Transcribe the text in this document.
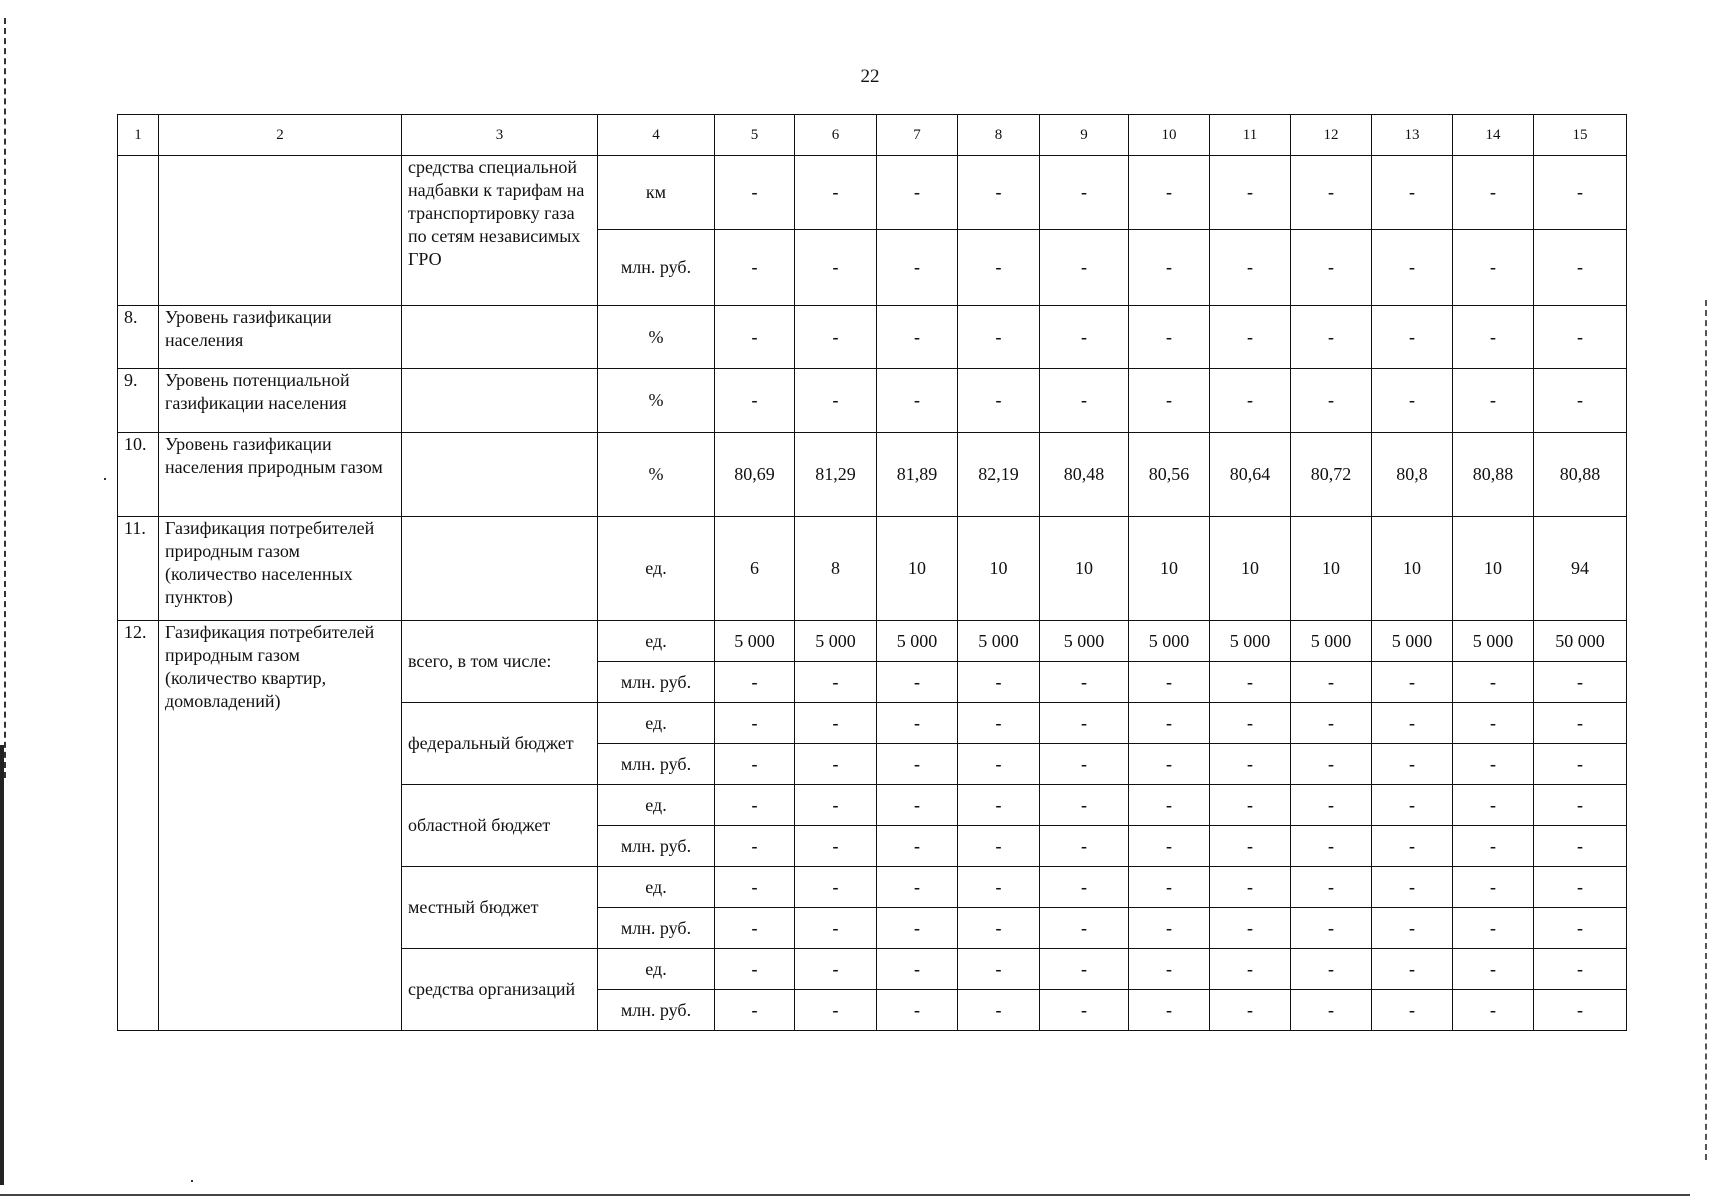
22
1	2	3	4	5	6	7	8	9	10	11	12	13	14	15
		средства специальной надбавки к тарифам на транспортировку газа по сетям независимых ГРО	км	-	-	-	-	-	-	-	-	-	-	-
			млн. руб.	-	-	-	-	-	-	-	-	-	-	-
8.	Уровень газификации населения		%	-	-	-	-	-	-	-	-	-	-	-
9.	Уровень потенциальной газификации населения		%	-	-	-	-	-	-	-	-	-	-	-
10.	Уровень газификации населения природным газом		%	80,69	81,29	81,89	82,19	80,48	80,56	80,64	80,72	80,8	80,88	80,88
11.	Газификация потребителей природным газом (количество населенных пунктов)		ед.	6	8	10	10	10	10	10	10	10	10	94
12.	Газификация потребителей природным газом (количество квартир, домовладений)	всего, в том числе:	ед.	5 000	5 000	5 000	5 000	5 000	5 000	5 000	5 000	5 000	5 000	50 000
			млн. руб.	-	-	-	-	-	-	-	-	-	-	-
		федеральный бюджет	ед.	-	-	-	-	-	-	-	-	-	-	-
			млн. руб.	-	-	-	-	-	-	-	-	-	-	-
		областной бюджет	ед.	-	-	-	-	-	-	-	-	-	-	-
			млн. руб.	-	-	-	-	-	-	-	-	-	-	-
		местный бюджет	ед.	-	-	-	-	-	-	-	-	-	-	-
			млн. руб.	-	-	-	-	-	-	-	-	-	-	-
		средства организаций	ед.	-	-	-	-	-	-	-	-	-	-	-
			млн. руб.	-	-	-	-	-	-	-	-	-	-	-
